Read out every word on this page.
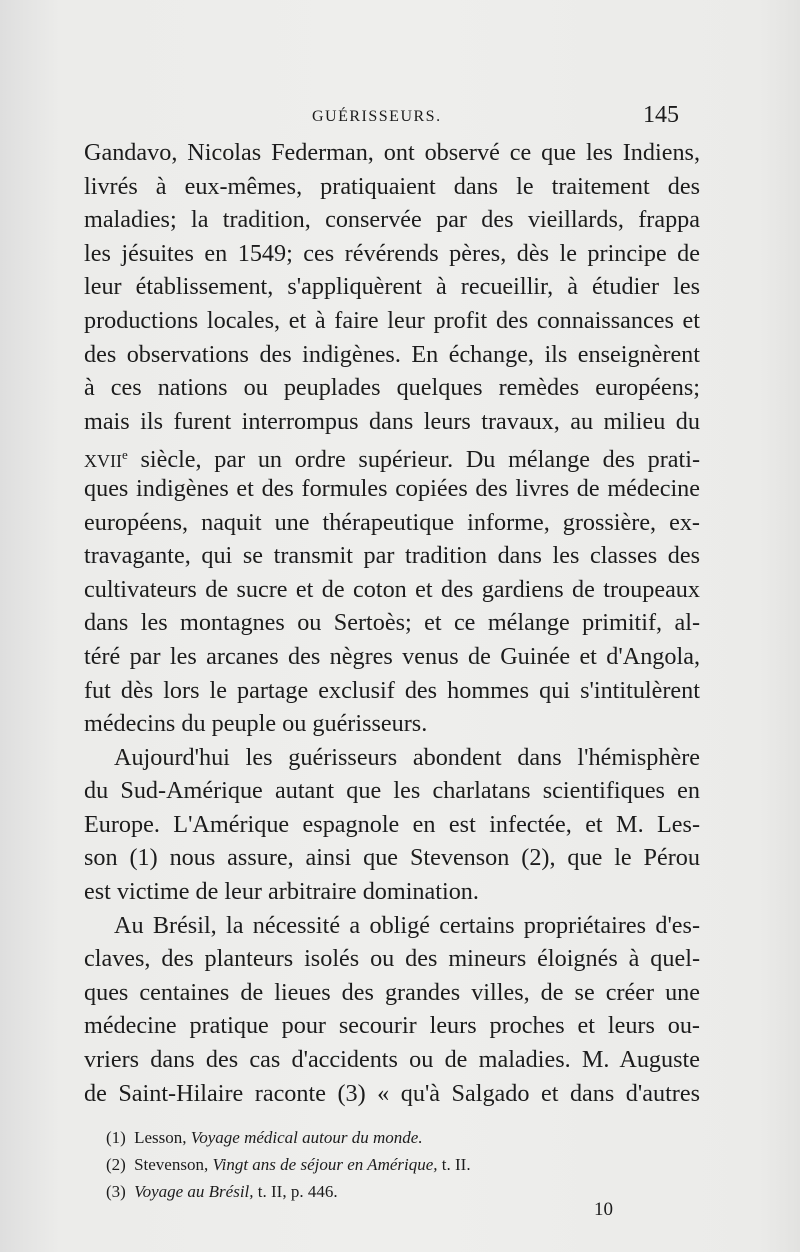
GUÉRISSEURS.	145
Gandavo, Nicolas Federman, ont observé ce que les Indiens,
livrés à eux-mêmes, pratiquaient dans le traitement des
maladies; la tradition, conservée par des vieillards, frappa
les jésuites en 1549; ces révérends pères, dès le principe de
leur établissement, s'appliquèrent à recueillir, à étudier les
productions locales, et à faire leur profit des connaissances et
des observations des indigènes. En échange, ils enseignèrent
à ces nations ou peuplades quelques remèdes européens;
mais ils furent interrompus dans leurs travaux, au milieu du
XVIIe siècle, par un ordre supérieur. Du mélange des prati-
ques indigènes et des formules copiées des livres de médecine
européens, naquit une thérapeutique informe, grossière, ex-
travagante, qui se transmit par tradition dans les classes des
cultivateurs de sucre et de coton et des gardiens de troupeaux
dans les montagnes ou Sertoès; et ce mélange primitif, al-
téré par les arcanes des nègres venus de Guinée et d'Angola,
fut dès lors le partage exclusif des hommes qui s'intitulèrent
médecins du peuple ou guérisseurs.
Aujourd'hui les guérisseurs abondent dans l'hémisphère
du Sud-Amérique autant que les charlatans scientifiques en
Europe. L'Amérique espagnole en est infectée, et M. Les-
son (1) nous assure, ainsi que Stevenson (2), que le Pérou
est victime de leur arbitraire domination.
Au Brésil, la nécessité a obligé certains propriétaires d'es-
claves, des planteurs isolés ou des mineurs éloignés à quel-
ques centaines de lieues des grandes villes, de se créer une
médecine pratique pour secourir leurs proches et leurs ou-
vriers dans des cas d'accidents ou de maladies. M. Auguste
de Saint-Hilaire raconte (3) « qu'à Salgado et dans d'autres
(1) Lesson, Voyage médical autour du monde.
(2) Stevenson, Vingt ans de séjour en Amérique, t. II.
(3) Voyage au Brésil, t. II, p. 446.
10
